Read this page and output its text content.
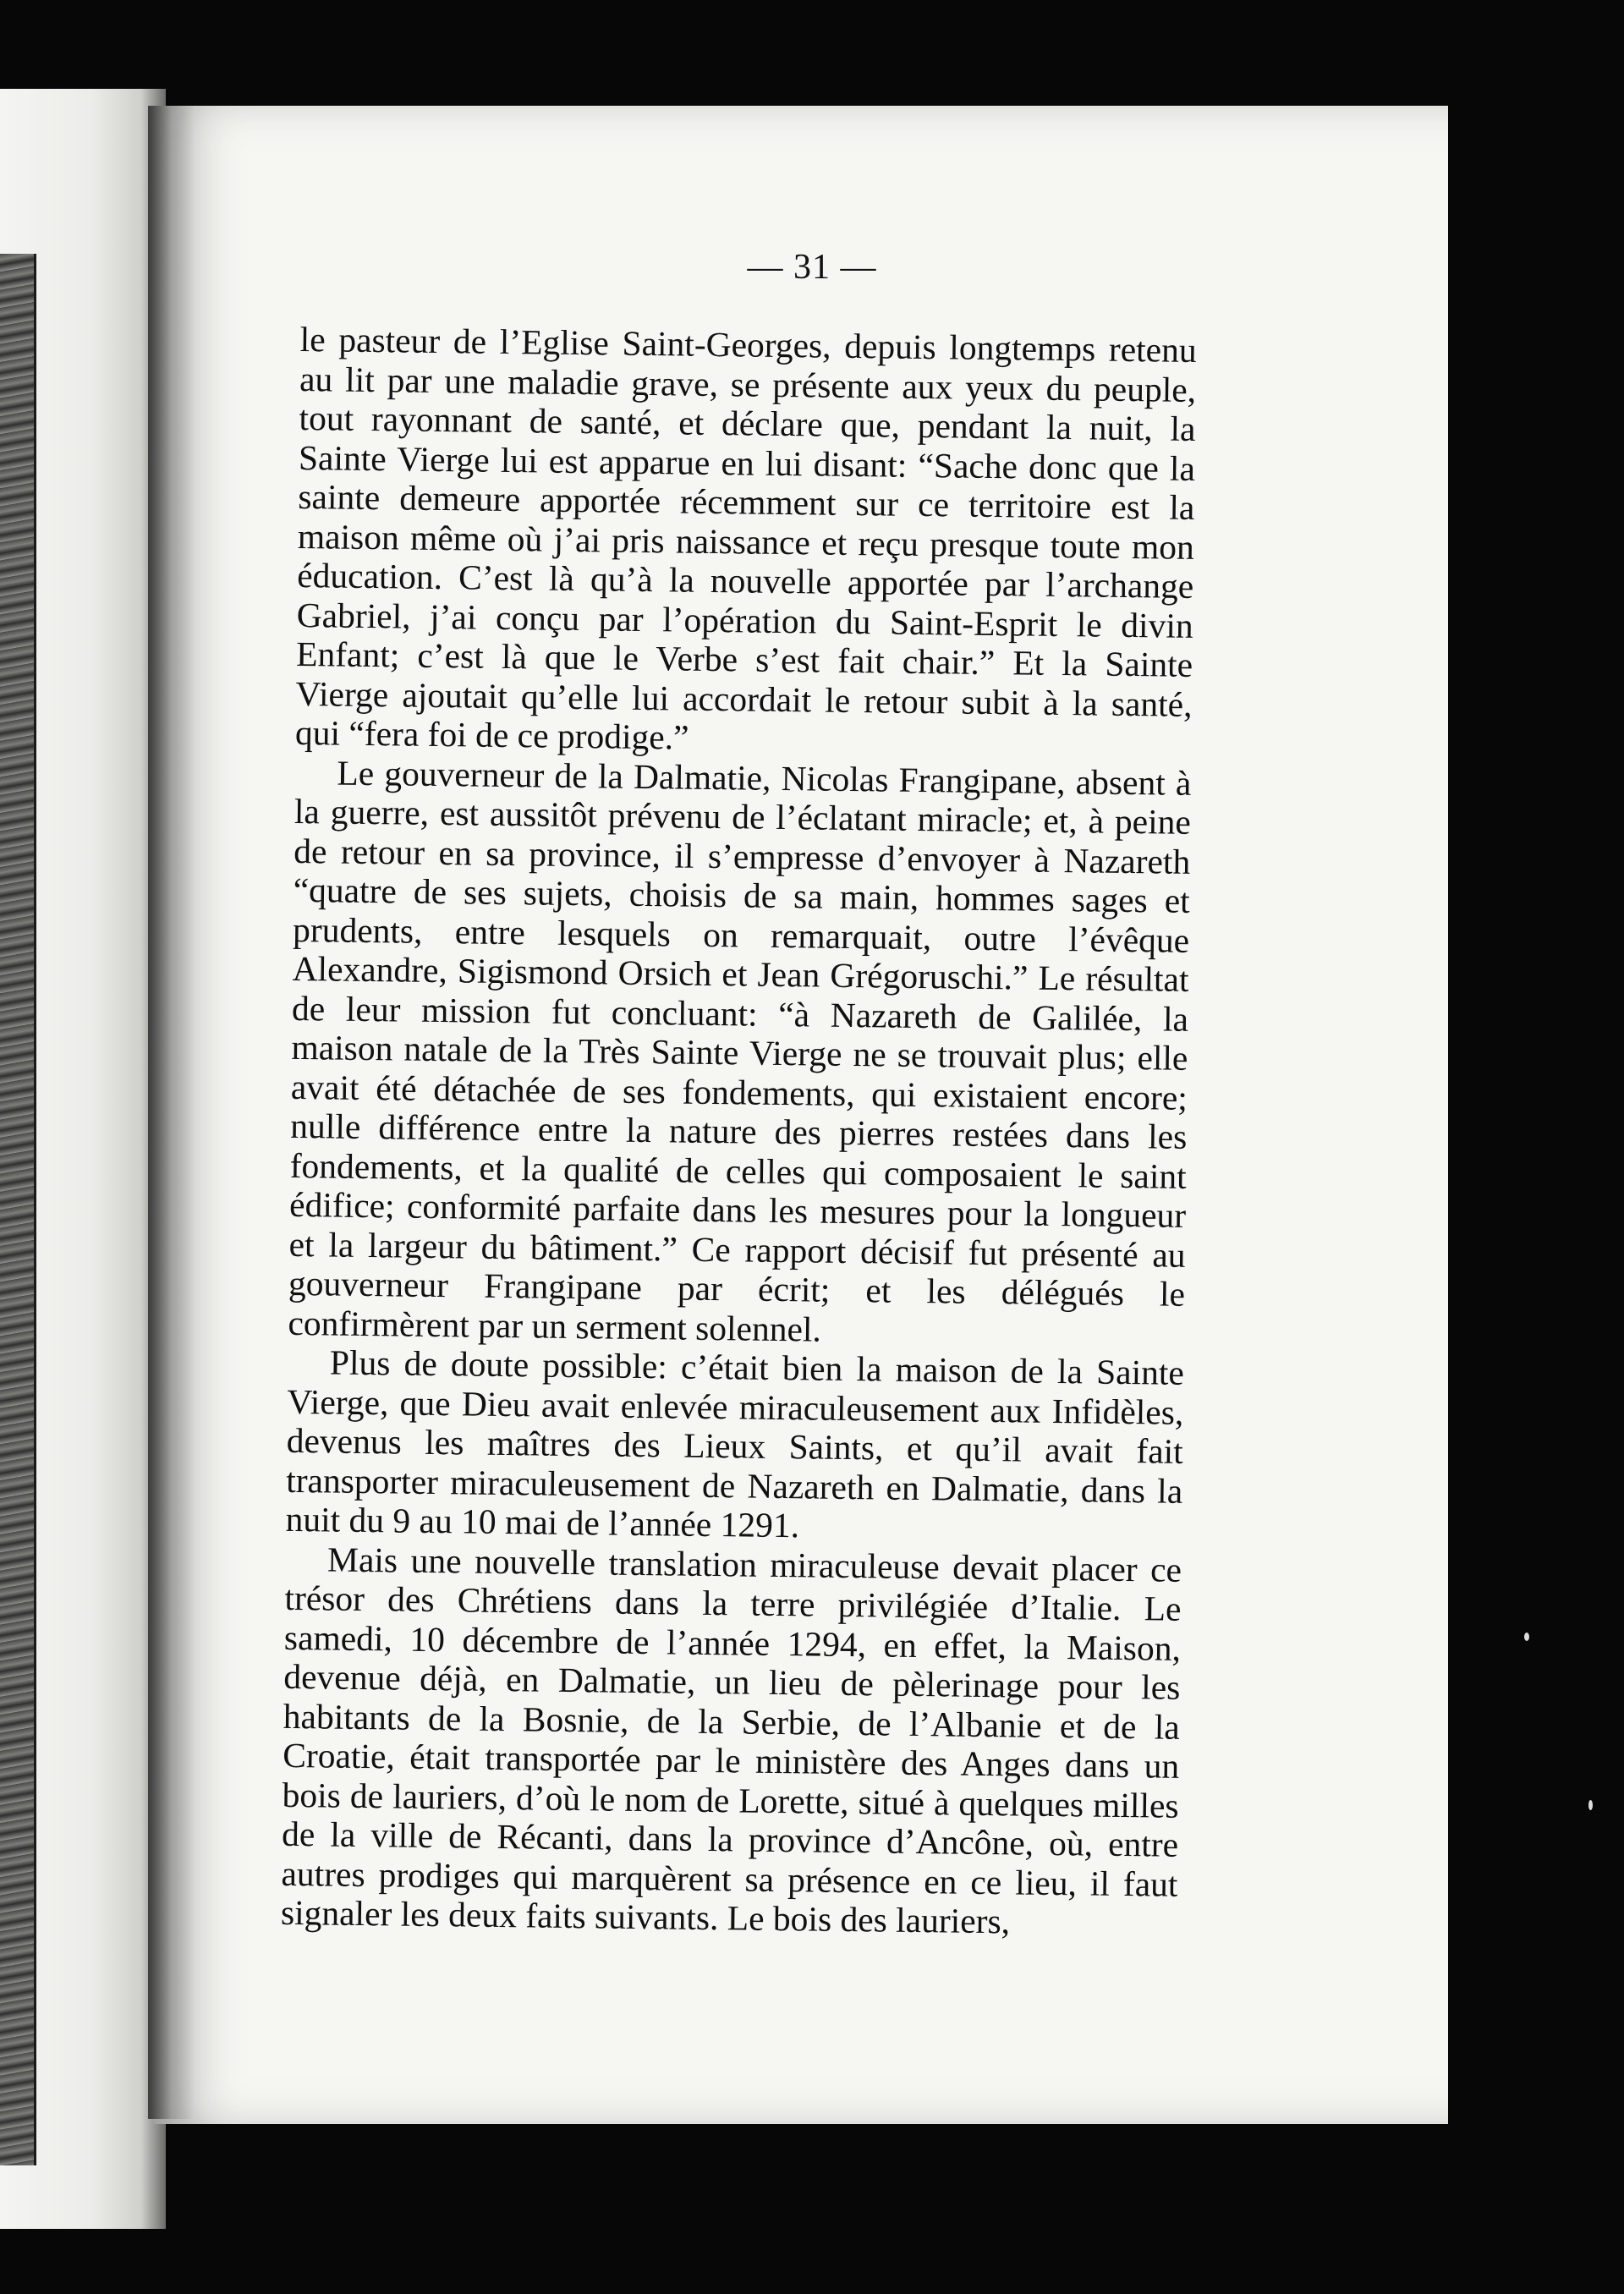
— 31 —

le pasteur de l’Eglise Saint-Georges, depuis longtemps retenu au lit par une maladie grave, se présente aux yeux du peuple, tout rayonnant de santé, et déclare que, pendant la nuit, la Sainte Vierge lui est apparue en lui disant: “Sache donc que la sainte demeure apportée récemment sur ce territoire est la maison même où j’ai pris naissance et reçu presque toute mon éducation. C’est là qu’à la nouvelle apportée par l’archange Gabriel, j’ai conçu par l’opération du Saint-Esprit le divin Enfant; c’est là que le Verbe s’est fait chair.” Et la Sainte Vierge ajoutait qu’elle lui accordait le retour subit à la santé, qui “fera foi de ce prodige.”

Le gouverneur de la Dalmatie, Nicolas Frangipane, absent à la guerre, est aussitôt prévenu de l’éclatant miracle; et, à peine de retour en sa province, il s’empresse d’envoyer à Nazareth “quatre de ses sujets, choisis de sa main, hommes sages et prudents, entre lesquels on remarquait, outre l’évêque Alexandre, Sigismond Orsich et Jean Grégoruschi.” Le résultat de leur mission fut concluant: “à Nazareth de Galilée, la maison natale de la Très Sainte Vierge ne se trouvait plus; elle avait été détachée de ses fondements, qui existaient encore; nulle différence entre la nature des pierres restées dans les fondements, et la qualité de celles qui composaient le saint édifice; conformité parfaite dans les mesures pour la longueur et la largeur du bâtiment.” Ce rapport décisif fut présenté au gouverneur Frangipane par écrit; et les délégués le confirmèrent par un serment solennel.

Plus de doute possible: c’était bien la maison de la Sainte Vierge, que Dieu avait enlevée miraculeusement aux Infidèles, devenus les maîtres des Lieux Saints, et qu’il avait fait transporter miraculeusement de Nazareth en Dalmatie, dans la nuit du 9 au 10 mai de l’année 1291.

Mais une nouvelle translation miraculeuse devait placer ce trésor des Chrétiens dans la terre privilégiée d’Italie. Le samedi, 10 décembre de l’année 1294, en effet, la Maison, devenue déjà, en Dalmatie, un lieu de pèlerinage pour les habitants de la Bosnie, de la Serbie, de l’Albanie et de la Croatie, était transportée par le ministère des Anges dans un bois de lauriers, d’où le nom de Lorette, situé à quelques milles de la ville de Récanti, dans la province d’Ancône, où, entre autres prodiges qui marquèrent sa présence en ce lieu, il faut signaler les deux faits suivants. Le bois des lauriers,
